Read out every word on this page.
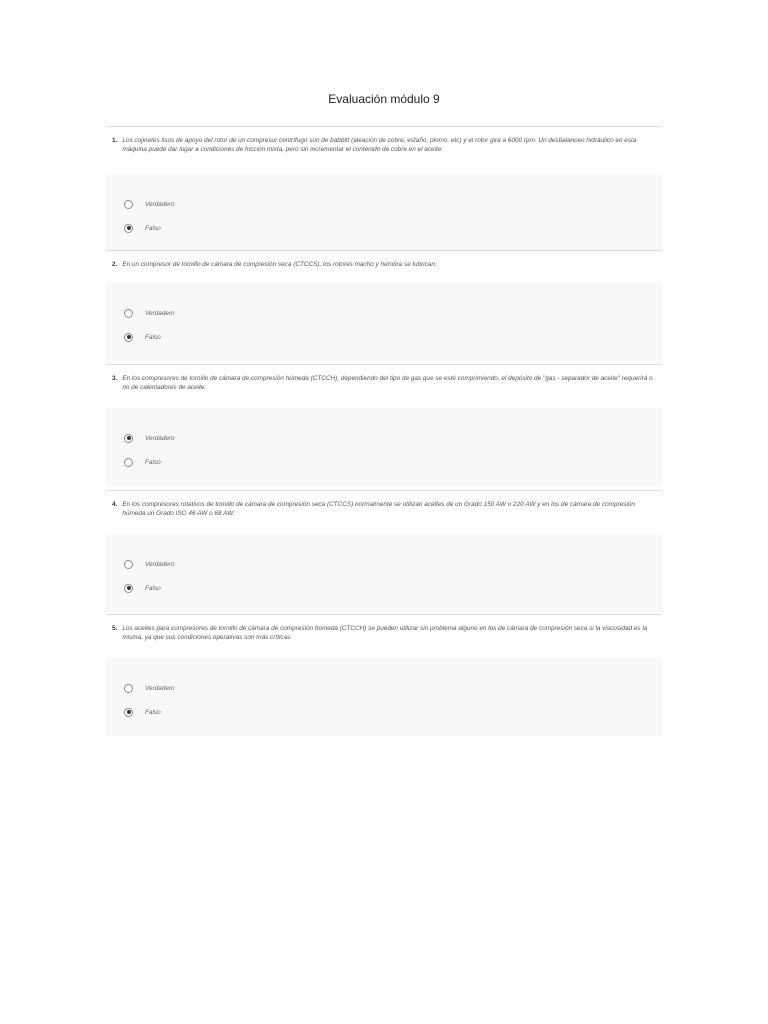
Evaluación módulo 9
1. Los cojinetes lisos de apoyo del rotor de un compresor centrífugo son de babbitt (aleación de cobre, estaño, plomo, etc) y el rotor gira a 6000 rpm. Un desbalanceo hidráulico en esta máquina puede dar lugar a condiciones de fricción mixta, pero sin incrementar el contenido de cobre en el aceite:
Verdadero
Falso
2. En un compresor de tornillo de cámara de compresión seca (CTCCS), los rotores macho y hembra se lubrican:
Verdadero
Falso
3. En los compresores de tornillo de cámara de compresión húmeda (CTCCH), dependiendo del tipo de gas que se esté comprimiendo, el depósito de "gas - separador de aceite" requerirá o no de calentadores de aceite.
Verdadero
Falso
4. En los compresores rotativos de tornillo de cámara de compresión seca (CTCCS) normalmente se utilizan aceites de un Grado 150 AW o 220 AW y en los de cámara de compresión húmeda un Grado ISO 46 AW o 68 AW:
Verdadero
Falso
5. Los aceites para compresores de tornillo de cámara de compresión húmeda (CTCCH) se pueden utilizar sin problema alguno en los de cámara de compresión seca si la viscosidad es la misma, ya que sus condiciones operativas son más críticas:
Verdadero
Falso
